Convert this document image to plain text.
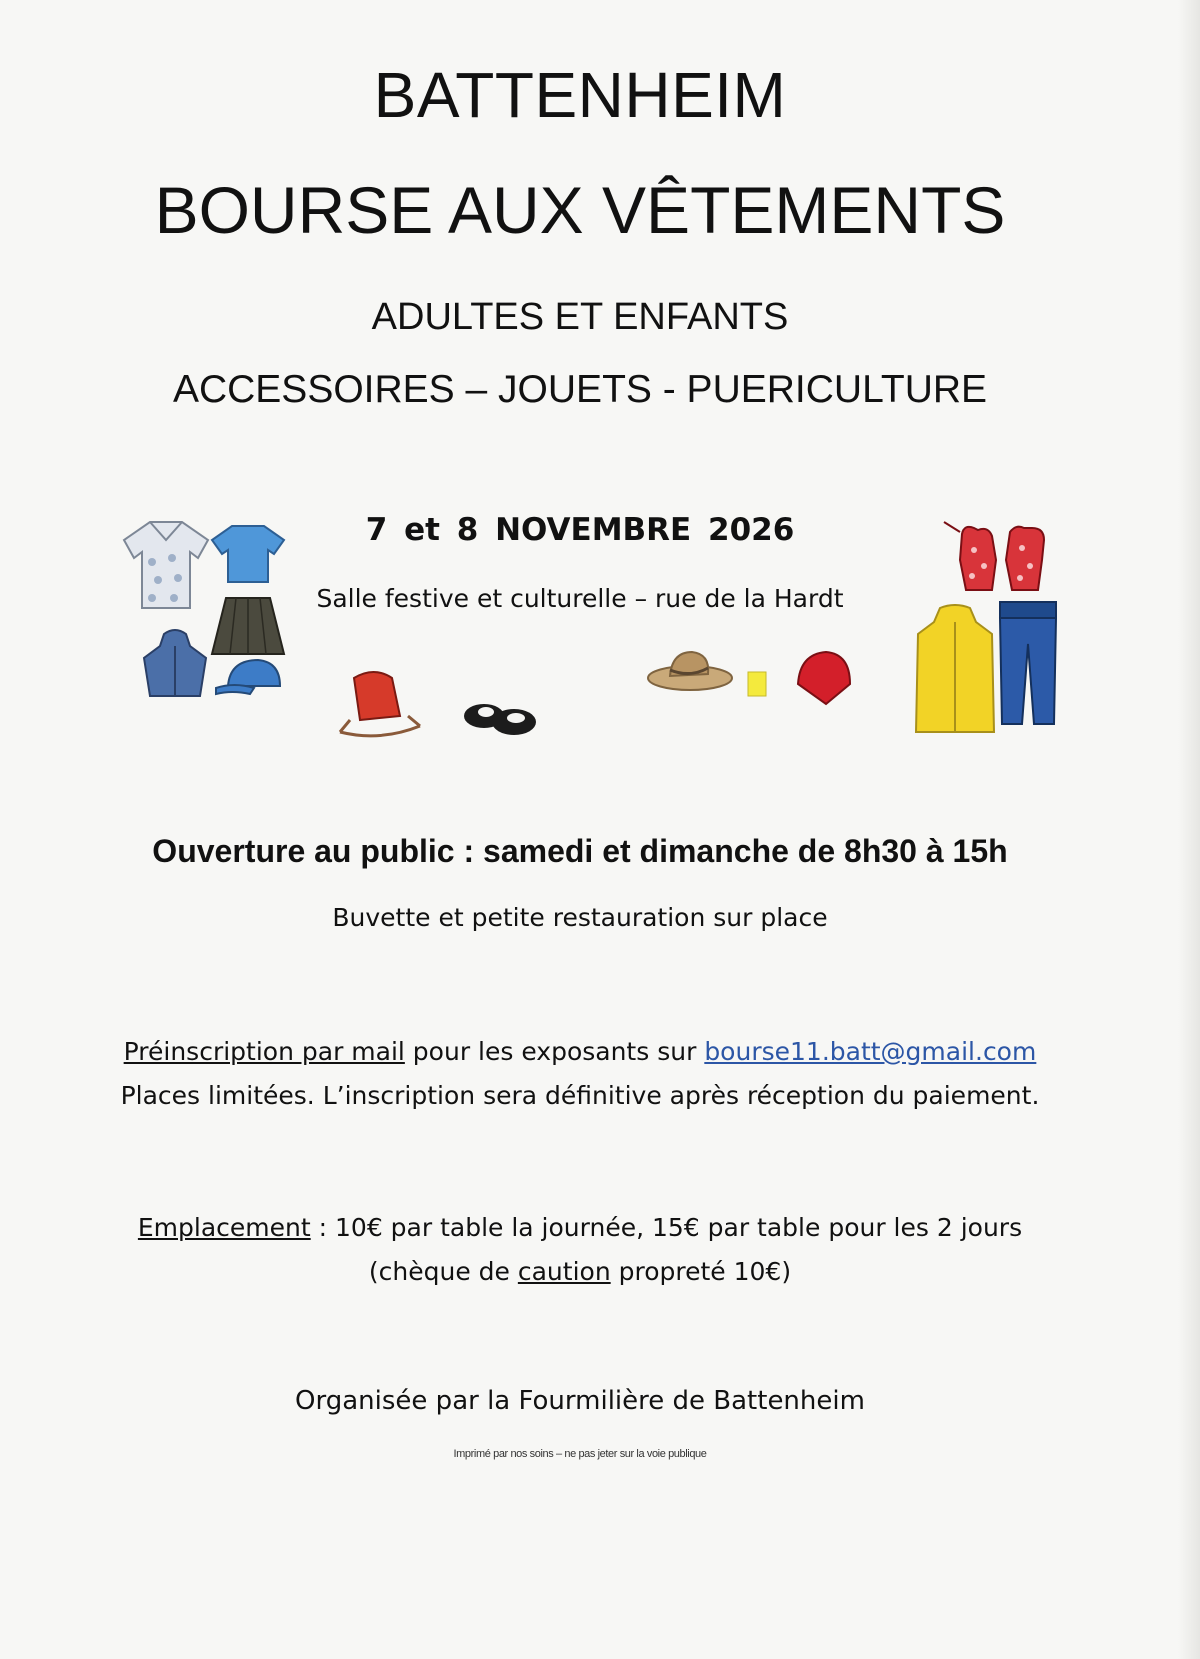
BATTENHEIM
BOURSE AUX VÊTEMENTS
ADULTES ET ENFANTS
ACCESSOIRES – JOUETS - PUERICULTURE
7 et 8 NOVEMBRE 2026
Salle festive et culturelle – rue de la Hardt
Ouverture au public : samedi et dimanche de 8h30 à 15h
Buvette et petite restauration sur place
Préinscription par mail pour les exposants sur bourse11.batt@gmail.com
Places limitées. L’inscription sera définitive après réception du paiement.
Emplacement : 10€ par table la journée, 15€ par table pour les 2 jours
(chèque de caution propreté 10€)
Organisée par la Fourmilière de Battenheim
Imprimé par nos soins – ne pas jeter sur la voie publique
